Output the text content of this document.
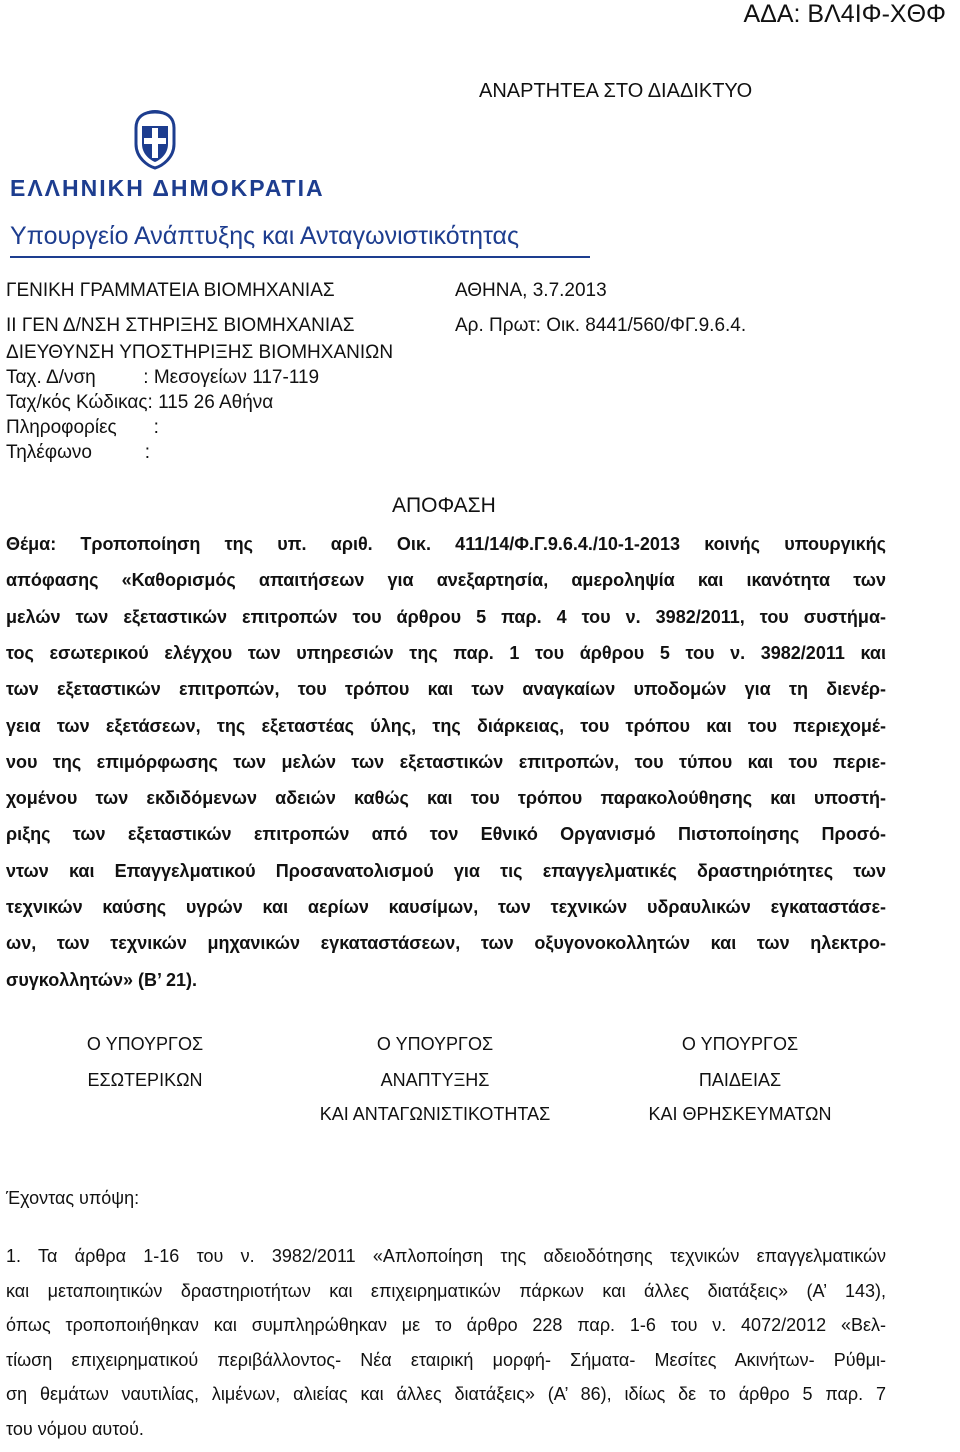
ΑΔΑ: ΒΛ4ΙΦ-ΧΘΦ
ΑΝΑΡΤΗΤΕΑ ΣΤΟ ΔΙΑΔΙΚΤΥΟ
ΕΛΛΗΝΙΚΗ ΔΗΜΟΚΡΑΤΙΑ
Υπουργείο Ανάπτυξης και Ανταγωνιστικότητας
ΓΕΝΙΚΗ ΓΡΑΜΜΑΤΕΙΑ ΒΙΟΜΗΧΑΝΙΑΣ
ΙΙ ΓΕΝ Δ/ΝΣΗ ΣΤΗΡΙΞΗΣ ΒΙΟΜΗΧΑΝΙΑΣ
ΔΙΕΥΘΥΝΣΗ ΥΠΟΣΤΗΡΙΞΗΣ ΒΙΟΜΗΧΑΝΙΩΝ
Ταχ. Δ/νση         : Μεσογείων 117-119
Ταχ/κός Κώδικας: 115 26 Αθήνα
Πληροφορίες       :
Τηλέφωνο          :
ΑΘΗΝΑ, 3.7.2013
Αρ. Πρωτ: Οικ. 8441/560/ΦΓ.9.6.4.
ΑΠΟΦΑΣΗ
Θέμα: Τροποποίηση της υπ. αριθ. Οικ. 411/14/Φ.Γ.9.6.4./10-1-2013 κοινής υπουργικής
απόφασης «Καθορισμός απαιτήσεων για ανεξαρτησία, αμεροληψία και ικανότητα των
μελών των εξεταστικών επιτροπών του άρθρου 5 παρ. 4 του ν. 3982/2011, του συστήμα-
τος εσωτερικού ελέγχου των υπηρεσιών της παρ. 1 του άρθρου 5 του ν. 3982/2011 και
των εξεταστικών επιτροπών, του τρόπου και των αναγκαίων υποδομών για τη διενέρ-
γεια των εξετάσεων, της εξεταστέας ύλης, της διάρκειας, του τρόπου και του περιεχομέ-
νου της επιμόρφωσης των μελών των εξεταστικών επιτροπών, του τύπου και του περιε-
χομένου των εκδιδόμενων αδειών καθώς και του τρόπου παρακολούθησης και υποστή-
ριξης των εξεταστικών επιτροπών από τον Εθνικό Οργανισμό Πιστοποίησης Προσό-
ντων και Επαγγελματικού Προσανατολισμού για τις επαγγελματικές δραστηριότητες των
τεχνικών καύσης υγρών και αερίων καυσίμων, των τεχνικών υδραυλικών εγκαταστάσε-
ων, των τεχνικών μηχανικών εγκαταστάσεων, των οξυγονοκολλητών και των ηλεκτρο-
συγκολλητών» (Β’ 21).
Ο ΥΠΟΥΡΓΟΣ
ΕΣΩΤΕΡΙΚΩΝ
Ο ΥΠΟΥΡΓΟΣ
ΑΝΑΠΤΥΞΗΣ
ΚΑΙ ΑΝΤΑΓΩΝΙΣΤΙΚΟΤΗΤΑΣ
Ο ΥΠΟΥΡΓΟΣ
ΠΑΙΔΕΙΑΣ
ΚΑΙ ΘΡΗΣΚΕΥΜΑΤΩΝ
Έχοντας υπόψη:
1. Τα άρθρα 1-16 του ν. 3982/2011 «Απλοποίηση της αδειοδότησης τεχνικών επαγγελματικών
και μεταποιητικών δραστηριοτήτων και επιχειρηματικών πάρκων και άλλες διατάξεις» (Α’ 143),
όπως τροποποιήθηκαν και συμπληρώθηκαν με το άρθρο 228 παρ. 1-6 του ν. 4072/2012 «Βελ-
τίωση επιχειρηματικού περιβάλλοντος- Νέα εταιρική μορφή- Σήματα- Μεσίτες Ακινήτων- Ρύθμι-
ση θεμάτων ναυτιλίας, λιμένων, αλιείας και άλλες διατάξεις» (Α’ 86), ιδίως δε το άρθρο 5 παρ. 7
του νόμου αυτού.
